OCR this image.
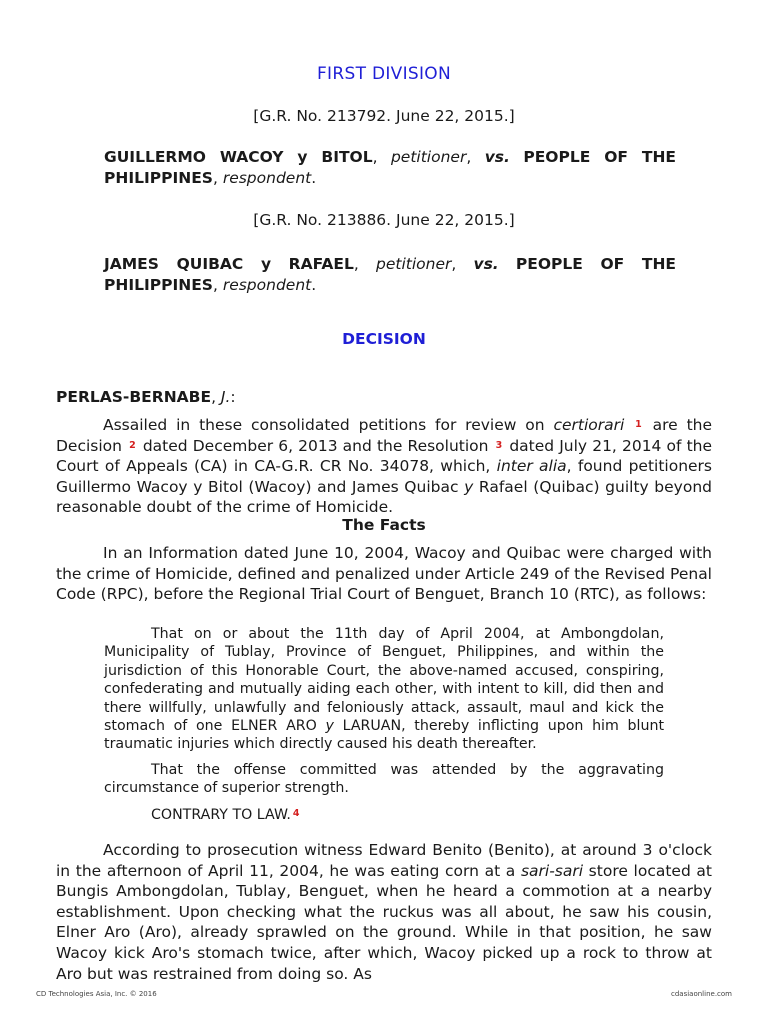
FIRST DIVISION
[G.R. No. 213792. June 22, 2015.]
GUILLERMO WACOY y BITOL, petitioner, vs. PEOPLE OF THE PHILIPPINES, respondent.
[G.R. No. 213886. June 22, 2015.]
JAMES QUIBAC y RAFAEL, petitioner, vs. PEOPLE OF THE PHILIPPINES, respondent.
DECISION
PERLAS-BERNABE, J.:

Assailed in these consolidated petitions for review on certiorari 1 are the Decision 2 dated December 6, 2013 and the Resolution 3 dated July 21, 2014 of the Court of Appeals (CA) in CA-G.R. CR No. 34078, which, inter alia, found petitioners Guillermo Wacoy y Bitol (Wacoy) and James Quibac y Rafael (Quibac) guilty beyond reasonable doubt of the crime of Homicide.

The Facts

In an Information dated June 10, 2004, Wacoy and Quibac were charged with the crime of Homicide, defined and penalized under Article 249 of the Revised Penal Code (RPC), before the Regional Trial Court of Benguet, Branch 10 (RTC), as follows:

That on or about the 11th day of April 2004, at Ambongdolan, Municipality of Tublay, Province of Benguet, Philippines, and within the jurisdiction of this Honorable Court, the above-named accused, conspiring, confederating and mutually aiding each other, with intent to kill, did then and there willfully, unlawfully and feloniously attack, assault, maul and kick the stomach of one ELNER ARO y LARUAN, thereby inflicting upon him blunt traumatic injuries which directly caused his death thereafter.

That the offense committed was attended by the aggravating circumstance of superior strength.

CONTRARY TO LAW. $^4$

According to prosecution witness Edward Benito (Benito), at around 3 o'clock in the afternoon of April 11, 2004, he was eating corn at a sari-sari store located at Bungis Ambongdolan, Tublay, Benguet, when he heard a commotion at a nearby establishment. Upon checking what the ruckus was all about, he saw his cousin, Elner Aro (Aro), already sprawled on the ground. While in that position, he saw Wacoy kick Aro's stomach twice, after which, Wacoy picked up a rock to throw at Aro but was restrained from doing so. As

CD Technologies Asia, Inc. © 2016	cdasiaonline.com
